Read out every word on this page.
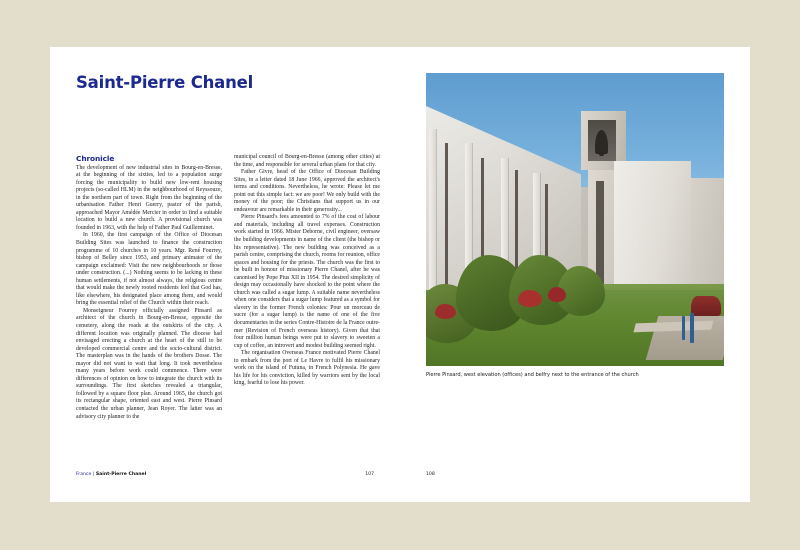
Saint-Pierre Chanel
Chronicle

The development of new industrial sites in Bourg-en-Bresse, at the beginning of the sixties, led to a population surge forcing the municipality to build new low-rent housing projects (so-called HLM) in the neighbourhood of Reyssouze, in the northern part of town. Right from the beginning of the urbanisation Father Henri Guerry, pastor of the parish, approached Mayor Amédée Mercier in order to find a suitable location to build a new church. A provisional church was founded in 1963, with the help of Father Paul Guillerminet.

In 1960, the first campaign of the Office of Diocesan Building Sites was launched to finance the construction programme of 10 churches in 10 years. Mgr. René Fourrey, bishop of Belley since 1953, and primary animator of the campaign exclaimed: Visit the new neighbourhoods or those under construction. (...) Nothing seems to be lacking in these human settlements, if not almost always, the religious centre that would make the newly rooted residents feel that God has, like elsewhere, his designated place among them, and would bring the essential relief of the Church within their reach.

Monseigneur Fourrey officially assigned Pinsard as architect of the church in Bourg-en-Bresse, opposite the cemetery, along the roads at the outskirts of the city. A different location was originally planned. The diocese had envisaged erecting a church at the heart of the still to be developed commercial centre and the socio-cultural district. The masterplan was in the hands of the brothers Dosse. The mayor did not want to wait that long. It took nevertheless many years before work could commence. There were differences of opinion on how to integrate the church with its surroundings. The first sketches revealed a triangular, followed by a square floor plan. Around 1965, the church got its rectangular shape, oriented east and west. Pierre Pinsard contacted the urban planner, Jean Royer. The latter was an advisory city planner to the

municipal council of Bourg-en-Bresse (among other cities) at the time, and responsible for several urban plans for that city.

Father Givre, head of the Office of Diocesan Building Sites, in a letter dated 18 June 1966, approved the architect's terms and conditions. Nevertheless, he wrote: Please let me point out this simple fact: we are poor! We only build with the money of the poor; the Christians that support us in our endeavour are remarkable in their generosity...

Pierre Pinsard's fees amounted to 7% of the cost of labour and materials, including all travel expenses. Construction work started in 1966. Mister Deborne, civil engineer, oversaw the building developments in name of the client (the bishop or his representative). The new building was conceived as a parish centre, comprising the church, rooms for reunion, office spaces and housing for the priests. The church was the first to be built in honour of missionary Pierre Chanel, after he was canonised by Pope Pius XII in 1954. The desired simplicity of design may occasionally have shocked to the point where the church was called a sugar lump. A suitable name nevertheless when one considers that a sugar lump featured as a symbol for slavery in the former French colonies: Pour un morceau de sucre (for a sugar lump) is the name of one of the five documentaries in the series Contre-Histoire de la France outre-mer (Revision of French overseas history). Given that that four million human beings were put to slavery to sweeten a cup of coffee, an introvert and modest building seemed right.

The organisation Overseas France motivated Pierre Chanel to embark from the port of Le Havre to fulfil his missionary work on the island of Futuna, in French Polynesia. He gave his life for his conviction, killed by warriors sent by the local king, fearful to lose his power.

France | Saint-Pierre Chanel	107
Pierre Pinsard, west elevation (offices) and belfry next to the entrance of the church
108
